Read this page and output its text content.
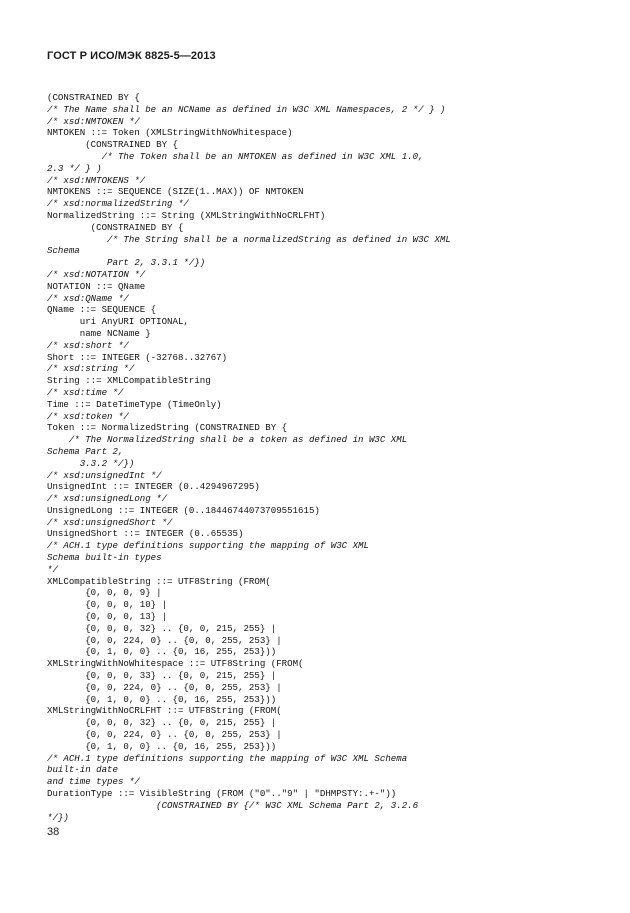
ГОСТ Р ИСО/МЭК 8825-5—2013
(CONSTRAINED BY {
/* The Name shall be an NCName as defined in W3C XML Namespaces, 2 */ } )
/* xsd:NMTOKEN */
NMTOKEN ::= Token (XMLStringWithNoWhitespace)
(CONSTRAINED BY {
/* The Token shall be an NMTOKEN as defined in W3C XML 1.0,
2.3 */ } )
/* xsd:NMTOKENS */
NMTOKENS ::= SEQUENCE (SIZE(1..MAX)) OF NMTOKEN
/* xsd:normalizedString */
NormalizedString ::= String (XMLStringWithNoCRLFHT)
(CONSTRAINED BY {
/* The String shall be a normalizedString as defined in W3C XML
Schema
Part 2, 3.3.1 */})
/* xsd:NOTATION */
NOTATION ::= QName
/* xsd:QName */
QName ::= SEQUENCE {
uri AnyURI OPTIONAL,
name NCName }
/* xsd:short */
Short ::= INTEGER (-32768..32767)
/* xsd:string */
String ::= XMLCompatibleString
/* xsd:time */
Time ::= DateTimeType (TimeOnly)
/* xsd:token */
Token ::= NormalizedString (CONSTRAINED BY {
/* The NormalizedString shall be a token as defined in W3C XML
Schema Part 2,
3.3.2 */})
/* xsd:unsignedInt */
UnsignedInt ::= INTEGER (0..4294967295)
/* xsd:unsignedLong */
UnsignedLong ::= INTEGER (0..18446744073709551615)
/* xsd:unsignedShort */
UnsignedShort ::= INTEGER (0..65535)
/* ACH.1 type definitions supporting the mapping of W3C XML
Schema built-in types
*/
XMLCompatibleString ::= UTF8String (FROM(
{0, 0, 0, 9} |
{0, 0, 0, 10} |
{0, 0, 0, 13} |
{0, 0, 0, 32} .. {0, 0, 215, 255} |
{0, 0, 224, 0} .. {0, 0, 255, 253} |
{0, 1, 0, 0} .. {0, 16, 255, 253}))
XMLStringWithNoWhitespace ::= UTF8String (FROM(
{0, 0, 0, 33} .. {0, 0, 215, 255} |
{0, 0, 224, 0} .. {0, 0, 255, 253} |
{0, 1, 0, 0} .. {0, 16, 255, 253}))
XMLStringWithNoCRLFHT ::= UTF8String (FROM(
{0, 0, 0, 32} .. {0, 0, 215, 255} |
{0, 0, 224, 0} .. {0, 0, 255, 253} |
{0, 1, 0, 0} .. {0, 16, 255, 253}))
/* ACH.1 type definitions supporting the mapping of W3C XML Schema
built-in date
and time types */
DurationType ::= VisibleString (FROM ("0".."9" | "DHMPSTY:.+-"))
(CONSTRAINED BY {/* W3C XML Schema Part 2, 3.2.6
*/})
38
